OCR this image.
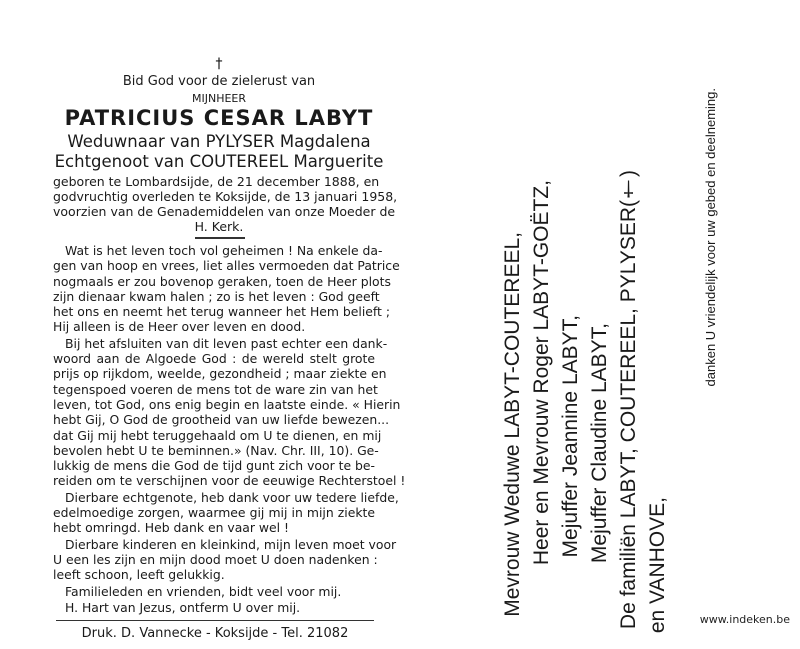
†
Bid God voor de zielerust van
MIJNHEER
PATRICIUS CESAR LABYT
Weduwnaar van PYLYSER Magdalena
Echtgenoot van COUTEREEL Marguerite
geboren te Lombardsijde, de 21 december 1888, en
godvruchtig overleden te Koksijde, de 13 januari 1958,
voorzien van de Genademiddelen van onze Moeder de
H. Kerk.
Wat is het leven toch vol geheimen ! Na enkele da-
gen van hoop en vrees, liet alles vermoeden dat Patrice
nogmaals er zou bovenop geraken, toen de Heer plots
zijn dienaar kwam halen ; zo is het leven : God geeft
het ons en neemt het terug wanneer het Hem belieft ;
Hij alleen is de Heer over leven en dood.
Bij het afsluiten van dit leven past echter een dank-
woord aan de Algoede God : de wereld stelt grote
prijs op rijkdom, weelde, gezondheid ; maar ziekte en
tegenspoed voeren de mens tot de ware zin van het
leven, tot God, ons enig begin en laatste einde. « Hierin
hebt Gij, O God de grootheid van uw liefde bewezen...
dat Gij mij hebt teruggehaald om U te dienen, en mij
bevolen hebt U te beminnen.» (Nav. Chr. III, 10). Ge-
lukkig de mens die God de tijd gunt zich voor te be-
reiden om te verschijnen voor de eeuwige Rechterstoel !
Dierbare echtgenote, heb dank voor uw tedere liefde,
edelmoedige zorgen, waarmee gij mij in mijn ziekte
hebt omringd. Heb dank en vaar wel !
Dierbare kinderen en kleinkind, mijn leven moet voor
U een les zijn en mijn dood moet U doen nadenken :
leeft schoon, leeft gelukkig.
Familieleden en vrienden, bidt veel voor mij.
H. Hart van Jezus, ontferm U over mij.
Druk. D. Vannecke - Koksijde - Tel. 21082
Mevrouw Weduwe LABYT-COUTEREEL, Heer en Mevrouw Roger LABYT-GOËTZ, Mejuffer Jeannine LABYT, Mejuffer Claudine LABYT, De familiën LABYT, COUTEREEL, PYLYSER(†) en VANHOVE,
danken U vriendelijk voor uw gebed en deelneming.
www.indeken.be
